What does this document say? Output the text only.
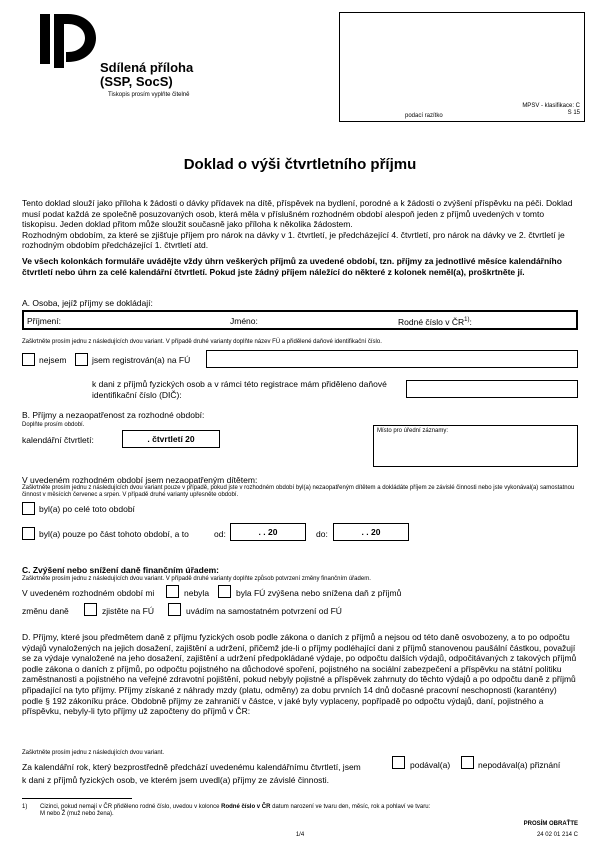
Sdílená příloha
(SSP, SocS)
Tiskopis prosím vyplňte čitelně
podací razítko
MPSV - klasifikace: C
S 15
Doklad o výši čtvrtletního příjmu

Tento doklad slouží jako příloha k žádosti o dávky přídavek na dítě, příspěvek na bydlení, porodné a k žádosti o zvýšení příspěvku na péči. Doklad musí podat každá ze společně posuzovaných osob, která měla v příslušném rozhodném období alespoň jeden z příjmů uvedených v tomto tiskopisu. Jeden doklad přitom může sloužit současně jako příloha k několika žádostem.

Rozhodným obdobím, za které se zjišťuje příjem pro nárok na dávky v 1. čtvrtletí, je předcházející 4. čtvrtletí, pro nárok na dávky ve 2. čtvrtletí je rozhodným obdobím předcházející 1. čtvrtletí atd.

Ve všech kolonkách formuláře uvádějte vždy úhrn veškerých příjmů za uvedené období, tzn. příjmy za jednotlivé měsíce kalendářního čtvrtletí nebo úhrn za celé kalendářní čtvrtletí. Pokud jste žádný příjem náležící do některé z kolonek neměl(a), proškrtněte jí.

A. Osoba, jejíž příjmy se dokládají:
Příjmení:	Jméno:	Rodné číslo v ČR$^{1)}$:
Zaškrtněte prosím jednu z následujících dvou variant. V případě druhé varianty doplňte název FÚ a přidělené daňové identifikační číslo.
nejsem	jsem registrován(a) na FÚ
k dani z příjmů fyzických osob a v rámci této registrace mám přiděleno daňové
identifikační číslo (DIČ):
B. Příjmy a nezaopatřenost za rozhodné období:
Doplňte prosím období.
kalendářní čtvrtletí:	. čtvrtletí 20
Místo pro úřední záznamy:
V uvedeném rozhodném období jsem nezaopatřeným dítětem:
Zaškrtněte prosím jednu z následujících dvou variant pouze v případě, pokud jste v rozhodném období byl(a) nezaopatřeným dítětem a dokládáte příjem ze závislé činnosti nebo jste vykonával(a) samostatnou činnost v měsících červenec a srpen. V případě druhé varianty upřesněte období.
byl(a) po celé toto období
byl(a) pouze po část tohoto období, a to	od:	. . 20	do:	. . 20
C. Zvýšení nebo snížení daně finančním úřadem:
Zaškrtněte prosím jednu z následujících dvou variant. V případě druhé varianty doplňte způsob potvrzení změny finančním úřadem.
V uvedeném rozhodném období mi	nebyla	byla FÚ zvýšena nebo snížena daň z příjmů
změnu daně	zjistěte na FÚ	uvádím na samostatném potvrzení od FÚ

D. Příjmy, které jsou předmětem daně z příjmu fyzických osob podle zákona o daních z příjmů a nejsou od této daně osvobozeny, a to po odpočtu výdajů vynaložených na jejich dosažení, zajištění a udržení, přičemž jde-li o příjmy podléhající dani z příjmů stanovenou paušální částkou, považují se za výdaje vynaložené na jeho dosažení, zajištění a udržení předpokládané výdaje, po odpočtu dalších výdajů, odpočitávaných z takových příjmů podle zákona o daních z příjmů, po odpočtu pojistného na důchodové spoření, pojistného na sociální zabezpečení a příspěvku na státní politiku zaměstnanosti a pojistného na veřejné zdravotní pojištění, pokud nebyly pojistné a příspěvek zahrnuty do těchto výdajů a po odpočtu daně z příjmů připadající na tyto příjmy. Příjmy získané z náhrady mzdy (platu, odměny) za dobu prvních 14 dnů dočasné pracovní neschopnosti (karantény) podle § 192 zákoníku práce. Obdobně příjmy ze zahraničí v částce, v jaké byly vyplaceny, popřípadě po odpočtu výdajů, daní, pojistného a příspěvku, nebyly-li tyto příjmy už započteny do příjmů v ČR:

Zaškrtněte prosím jednu z následujících dvou variant.
Za kalendářní rok, který bezprostředně předchází uvedenému kalendářnímu čtvrtletí, jsem	podával(a)	nepodával(a) přiznání
k dani z příjmů fyzických osob, ve kterém jsem uvedl(a) příjmy ze závislé činnosti.
1) Cizinci, pokud nemají v ČR přiděleno rodné číslo, uvedou v kolonce Rodné číslo v ČR datum narození ve tvaru den, měsíc, rok a pohlaví ve tvaru:
M nebo Ž (muž nebo žena).
PROSÍM OBRAŤTE
1/4	24 02 01 214 C
